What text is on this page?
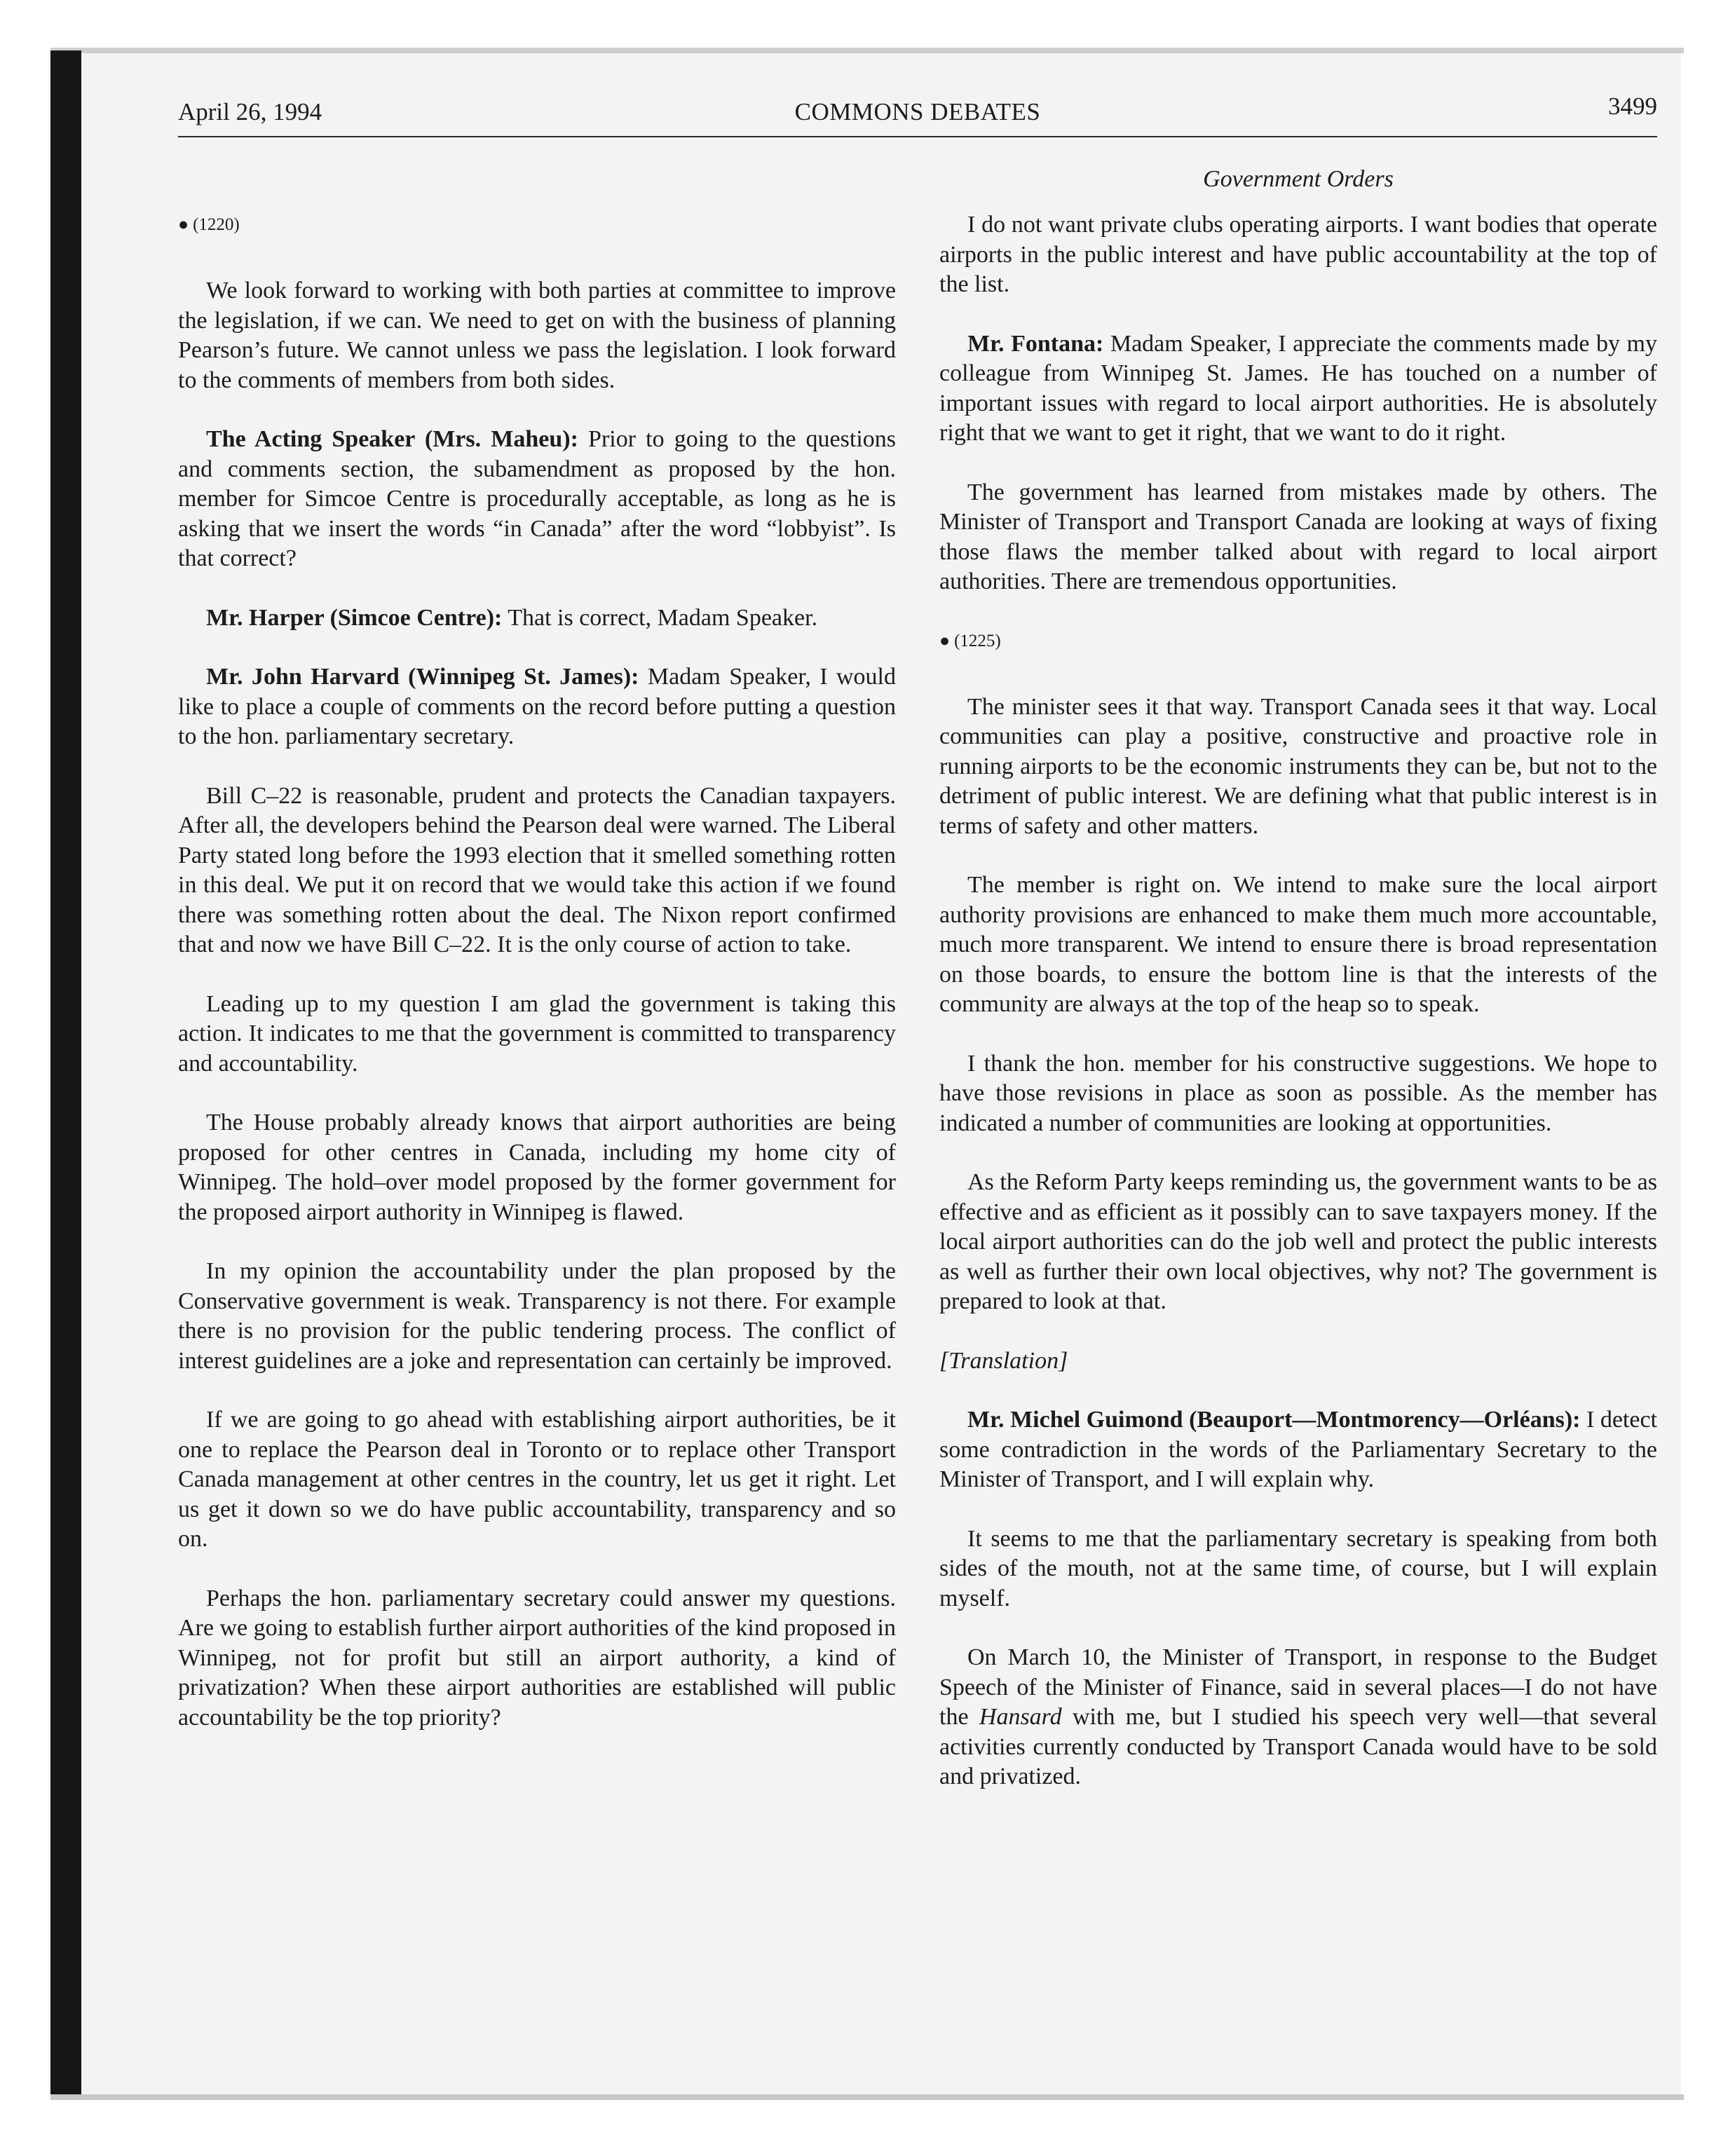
April 26, 1994	COMMONS DEBATES	3499
Government Orders

● (1220)

We look forward to working with both parties at committee to improve the legislation, if we can. We need to get on with the business of planning Pearson’s future. We cannot unless we pass the legislation. I look forward to the comments of members from both sides.

The Acting Speaker (Mrs. Maheu): Prior to going to the questions and comments section, the subamendment as proposed by the hon. member for Simcoe Centre is procedurally acceptable, as long as he is asking that we insert the words “in Canada” after the word “lobbyist”. Is that correct?

Mr. Harper (Simcoe Centre): That is correct, Madam Speaker.

Mr. John Harvard (Winnipeg St. James): Madam Speaker, I would like to place a couple of comments on the record before putting a question to the hon. parliamentary secretary.

Bill C–22 is reasonable, prudent and protects the Canadian taxpayers. After all, the developers behind the Pearson deal were warned. The Liberal Party stated long before the 1993 election that it smelled something rotten in this deal. We put it on record that we would take this action if we found there was something rotten about the deal. The Nixon report confirmed that and now we have Bill C–22. It is the only course of action to take.

Leading up to my question I am glad the government is taking this action. It indicates to me that the government is committed to transparency and accountability.

The House probably already knows that airport authorities are being proposed for other centres in Canada, including my home city of Winnipeg. The hold–over model proposed by the former government for the proposed airport authority in Winnipeg is flawed.

In my opinion the accountability under the plan proposed by the Conservative government is weak. Transparency is not there. For example there is no provision for the public tendering process. The conflict of interest guidelines are a joke and representation can certainly be improved.

If we are going to go ahead with establishing airport authorities, be it one to replace the Pearson deal in Toronto or to replace other Transport Canada management at other centres in the country, let us get it right. Let us get it down so we do have public accountability, transparency and so on.

Perhaps the hon. parliamentary secretary could answer my questions. Are we going to establish further airport authorities of the kind proposed in Winnipeg, not for profit but still an airport authority, a kind of privatization? When these airport authorities are established will public accountability be the top priority?

I do not want private clubs operating airports. I want bodies that operate airports in the public interest and have public accountability at the top of the list.

Mr. Fontana: Madam Speaker, I appreciate the comments made by my colleague from Winnipeg St. James. He has touched on a number of important issues with regard to local airport authorities. He is absolutely right that we want to get it right, that we want to do it right.

The government has learned from mistakes made by others. The Minister of Transport and Transport Canada are looking at ways of fixing those flaws the member talked about with regard to local airport authorities. There are tremendous opportunities.

● (1225)

The minister sees it that way. Transport Canada sees it that way. Local communities can play a positive, constructive and proactive role in running airports to be the economic instruments they can be, but not to the detriment of public interest. We are defining what that public interest is in terms of safety and other matters.

The member is right on. We intend to make sure the local airport authority provisions are enhanced to make them much more accountable, much more transparent. We intend to ensure there is broad representation on those boards, to ensure the bottom line is that the interests of the community are always at the top of the heap so to speak.

I thank the hon. member for his constructive suggestions. We hope to have those revisions in place as soon as possible. As the member has indicated a number of communities are looking at opportunities.

As the Reform Party keeps reminding us, the government wants to be as effective and as efficient as it possibly can to save taxpayers money. If the local airport authorities can do the job well and protect the public interests as well as further their own local objectives, why not? The government is prepared to look at that.

[Translation]

Mr. Michel Guimond (Beauport—Montmorency—Orléans): I detect some contradiction in the words of the Parliamentary Secretary to the Minister of Transport, and I will explain why.

It seems to me that the parliamentary secretary is speaking from both sides of the mouth, not at the same time, of course, but I will explain myself.

On March 10, the Minister of Transport, in response to the Budget Speech of the Minister of Finance, said in several places—I do not have the Hansard with me, but I studied his speech very well—that several activities currently conducted by Transport Canada would have to be sold and privatized.
